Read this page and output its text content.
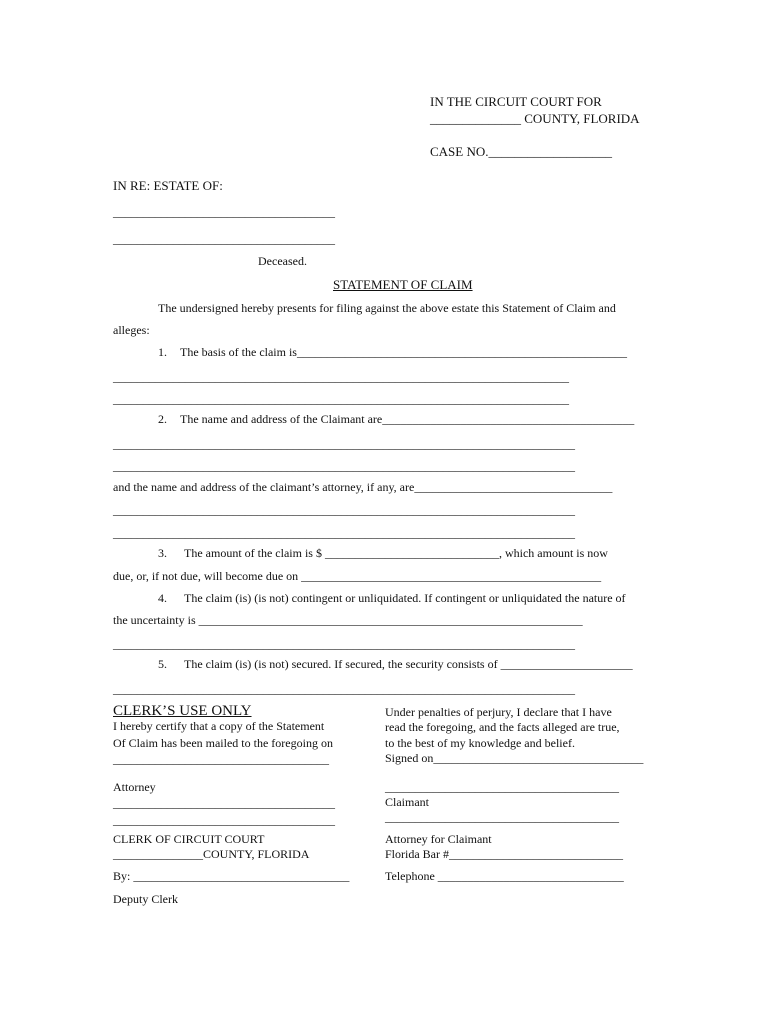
IN THE CIRCUIT COURT FOR
______________ COUNTY, FLORIDA
CASE NO.___________________
IN RE: ESTATE OF:
_____________________________________
_____________________________________
Deceased.
STATEMENT OF CLAIM
The undersigned hereby presents for filing against the above estate this Statement of Claim and
alleges:
1. The basis of the claim is_______________________________________________________
____________________________________________________________________________
____________________________________________________________________________
2. The name and address of the Claimant are__________________________________________
_____________________________________________________________________________
_____________________________________________________________________________
and the name and address of the claimant’s attorney, if any, are_________________________________
_____________________________________________________________________________
_____________________________________________________________________________
3. The amount of the claim is $ _____________________________, which amount is now
due, or, if not due, will become due on __________________________________________________
4. The claim (is) (is not) contingent or unliquidated. If contingent or unliquidated the nature of
the uncertainty is ________________________________________________________________
_____________________________________________________________________________
5. The claim (is) (is not) secured. If secured, the security consists of ______________________
_____________________________________________________________________________
CLERK’S USE ONLY
I hereby certify that a copy of the Statement
Of Claim has been mailed to the foregoing on
____________________________________
Attorney
_____________________________________
_____________________________________
CLERK OF CIRCUIT COURT
_______________COUNTY, FLORIDA
By: ____________________________________
Deputy Clerk
Under penalties of perjury, I declare that I have
read the foregoing, and the facts alleged are true,
to the best of my knowledge and belief.
Signed on___________________________________
_______________________________________
Claimant
_______________________________________
Attorney for Claimant
Florida Bar #_____________________________
Telephone _______________________________
